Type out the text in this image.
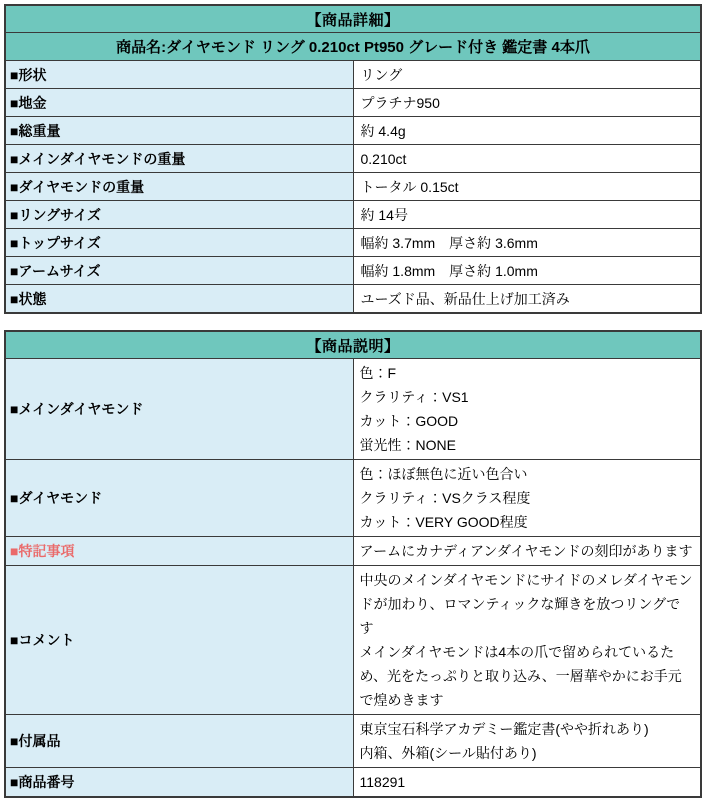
【商品詳細】	
商品名:ダイヤモンド リング 0.210ct Pt950 グレード付き 鑑定書 4本爪	
■形状	リング
■地金	プラチナ950
■総重量	約 4.4g
■メインダイヤモンドの重量	0.210ct
■ダイヤモンドの重量	トータル 0.15ct
■リングサイズ	約 14号
■トップサイズ	幅約 3.7mm　厚さ約 3.6mm
■アームサイズ	幅約 1.8mm　厚さ約 1.0mm
■状態	ユーズド品、新品仕上げ加工済み
【商品説明】	
■メインダイヤモンド	色：F
クラリティ：VS1
カット：GOOD
蛍光性：NONE

■ダイヤモンド	色：ほぼ無色に近い色合い
クラリティ：VSクラス程度
カット：VERY GOOD程度

■特記事項	アームにカナディアンダイヤモンドの刻印があります

■コメント	中央のメインダイヤモンドにサイドのメレダイヤモンドが加わり、ロマンティックな輝きを放つリングです
メインダイヤモンドは4本の爪で留められているため、光をたっぷりと取り込み、一層華やかにお手元で煌めきます

■付属品	東京宝石科学アカデミー鑑定書(やや折れあり)
内箱、外箱(シール貼付あり)

■商品番号	118291
